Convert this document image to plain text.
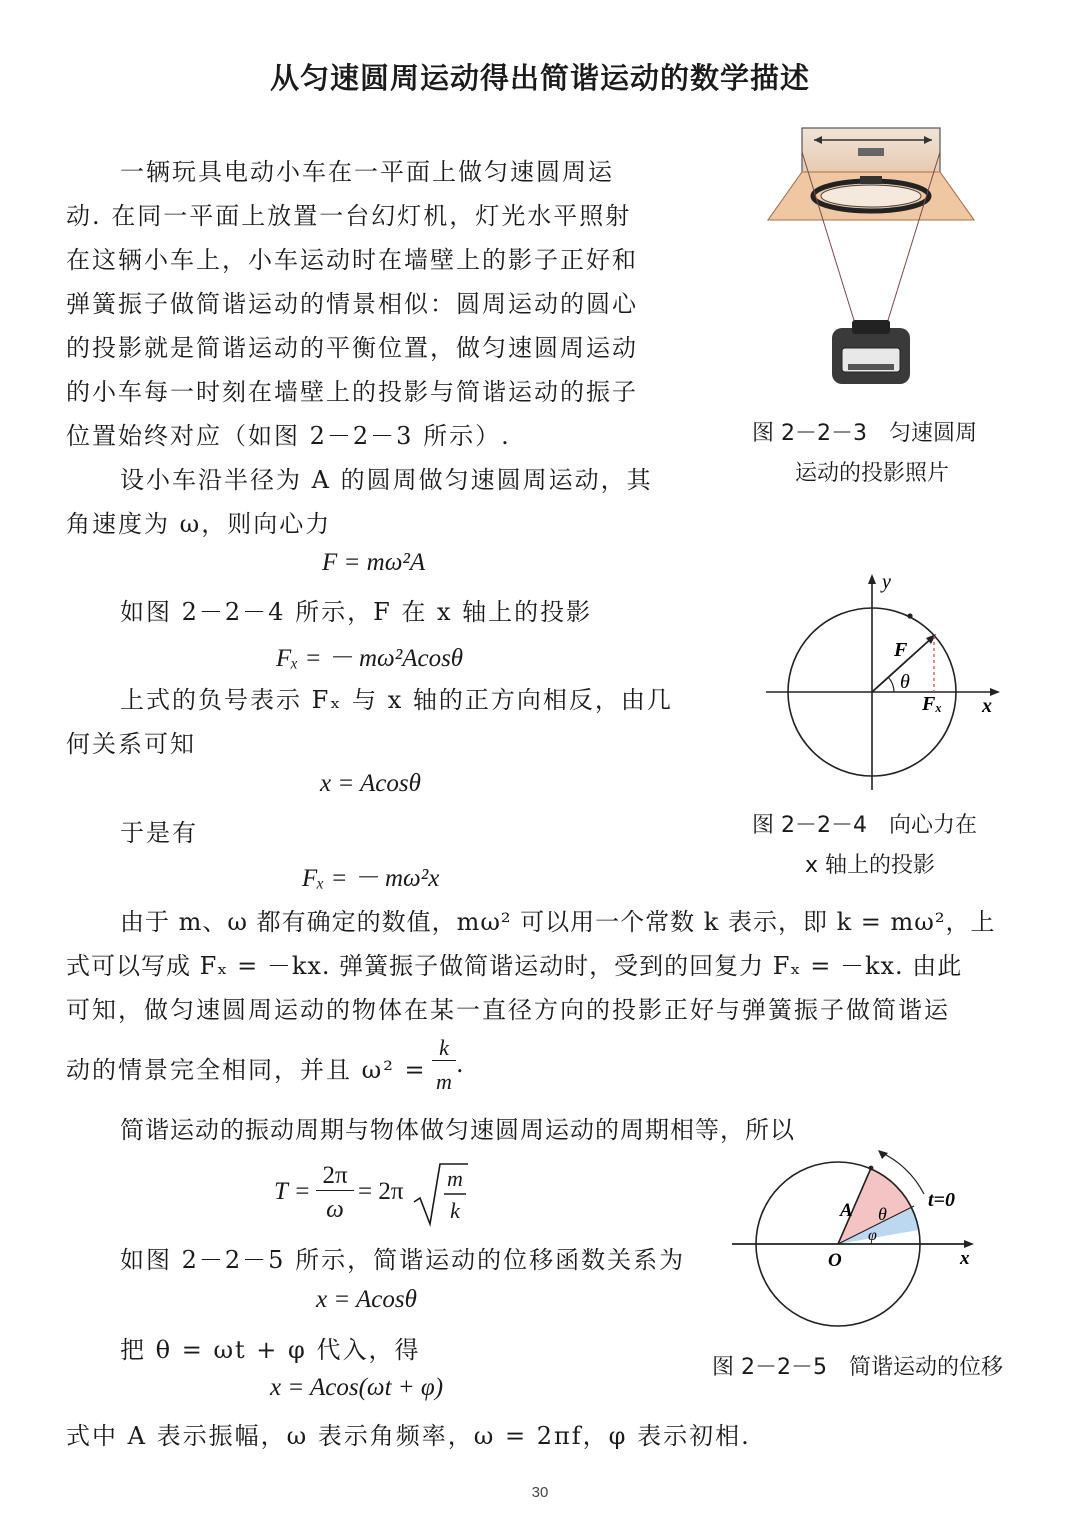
从匀速圆周运动得出简谐运动的数学描述
一辆玩具电动小车在一平面上做匀速圆周运
动. 在同一平面上放置一台幻灯机，灯光水平照射
在这辆小车上，小车运动时在墙壁上的影子正好和
弹簧振子做简谐运动的情景相似：圆周运动的圆心
的投影就是简谐运动的平衡位置，做匀速圆周运动
的小车每一时刻在墙壁上的投影与简谐运动的振子
位置始终对应（如图 2－2－3 所示）.
设小车沿半径为 A 的圆周做匀速圆周运动，其
角速度为 ω，则向心力
F = mω²A
如图 2－2－4 所示，F 在 x 轴上的投影
Fₓ = － mω²Acosθ
上式的负号表示 Fₓ 与 x 轴的正方向相反，由几
何关系可知
x = Acosθ
于是有
Fₓ = － mω²x
由于 m、ω 都有确定的数值，mω² 可以用一个常数 k 表示，即 k = mω²，上
式可以写成 Fₓ = －kx. 弹簧振子做简谐运动时，受到的回复力 Fₓ = －kx. 由此
可知，做匀速圆周运动的物体在某一直径方向的投影正好与弹簧振子做简谐运
动的情景完全相同，并且 ω² =
k
m
.
简谐运动的振动周期与物体做匀速圆周运动的周期相等，所以
T =
2π
ω
= 2π m
k
如图 2－2－5 所示，简谐运动的位移函数关系为
x = Acosθ
把 θ = ωt + φ 代入，得
x = Acos(ωt + φ)
式中 A 表示振幅，ω 表示角频率，ω = 2πf，φ 表示初相.
图 2－2－3　匀速圆周
运动的投影照片
y
x
F
θ
Fₓ
图 2－2－4　向心力在
x 轴上的投影
A θ
φ
O	x
t=0
图 2－2－5　简谐运动的位移
30
